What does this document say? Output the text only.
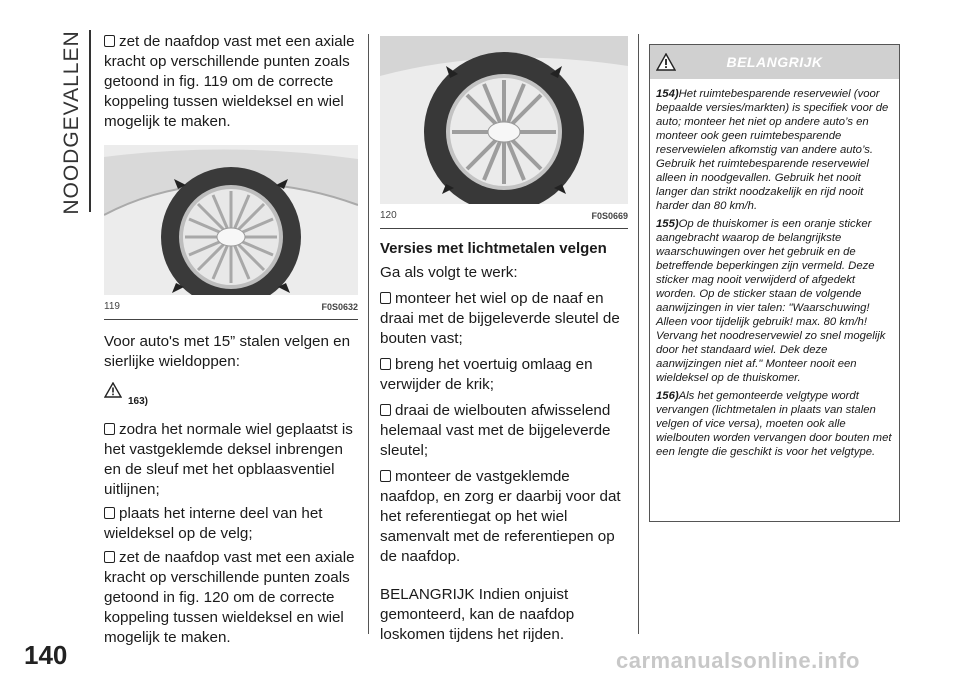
NOODGEVALLEN
140

zet de naafdop vast met een axiale kracht op verschillende punten zoals getoond in fig. 119 om de correcte koppeling tussen wieldeksel en wiel mogelijk te maken.

119	F0S0632

Voor auto's met 15” stalen velgen en sierlijke wieldoppen:

163)

zodra het normale wiel geplaatst is het vastgeklemde deksel inbrengen en de sleuf met het opblaasventiel uitlijnen;

plaats het interne deel van het wieldeksel op de velg;

zet de naafdop vast met een axiale kracht op verschillende punten zoals getoond in fig. 120 om de correcte koppeling tussen wieldeksel en wiel mogelijk te maken.

120	F0S0669
Versies met lichtmetalen velgen

Ga als volgt te werk:

monteer het wiel op de naaf en draai met de bijgeleverde sleutel de bouten vast;

breng het voertuig omlaag en verwijder de krik;

draai de wielbouten afwisselend helemaal vast met de bijgeleverde sleutel;

monteer de vastgeklemde naafdop, en zorg er daarbij voor dat het referentiegat op het wiel samenvalt met de referentiepen op de naafdop.

BELANGRIJK Indien onjuist gemonteerd, kan de naafdop loskomen tijdens het rijden.

BELANGRIJK

154)Het ruimtebesparende reservewiel (voor bepaalde versies/markten) is specifiek voor de auto; monteer het niet op andere auto’s en monteer ook geen ruimtebesparende reservewielen afkomstig van andere auto’s. Gebruik het ruimtebesparende reservewiel alleen in noodgevallen. Gebruik het nooit langer dan strikt noodzakelijk en rijd nooit harder dan 80 km/h.

155)Op de thuiskomer is een oranje sticker aangebracht waarop de belangrijkste waarschuwingen over het gebruik en de betreffende beperkingen zijn vermeld. Deze sticker mag nooit verwijderd of afgedekt worden. Op de sticker staan de volgende aanwijzingen in vier talen: "Waarschuwing! Alleen voor tijdelijk gebruik! max. 80 km/h! Vervang het noodreservewiel zo snel mogelijk door het standaard wiel. Dek deze aanwijzingen niet af." Monteer nooit een wieldeksel op de thuiskomer.

156)Als het gemonteerde velgtype wordt vervangen (lichtmetalen in plaats van stalen velgen of vice versa), moeten ook alle wielbouten worden vervangen door bouten met een lengte die geschikt is voor het velgtype.

carmanualsonline.info
